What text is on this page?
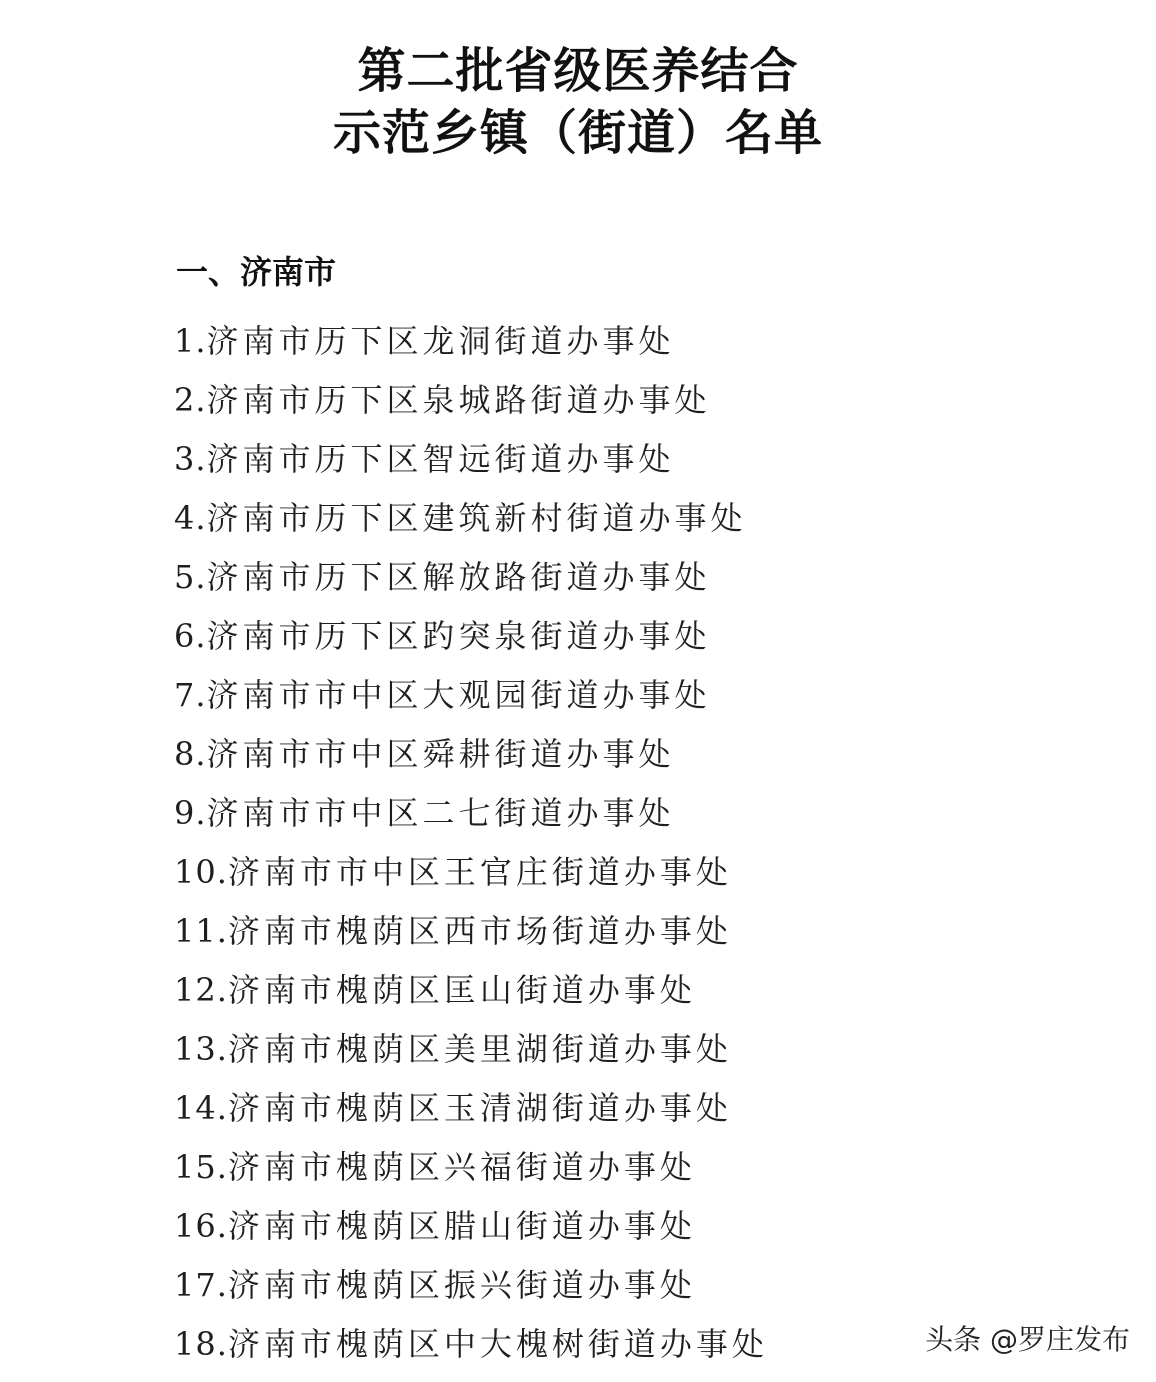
第二批省级医养结合
示范乡镇（街道）名单
一、济南市
1.济南市历下区龙洞街道办事处
2.济南市历下区泉城路街道办事处
3.济南市历下区智远街道办事处
4.济南市历下区建筑新村街道办事处
5.济南市历下区解放路街道办事处
6.济南市历下区趵突泉街道办事处
7.济南市市中区大观园街道办事处
8.济南市市中区舜耕街道办事处
9.济南市市中区二七街道办事处
10.济南市市中区王官庄街道办事处
11.济南市槐荫区西市场街道办事处
12.济南市槐荫区匡山街道办事处
13.济南市槐荫区美里湖街道办事处
14.济南市槐荫区玉清湖街道办事处
15.济南市槐荫区兴福街道办事处
16.济南市槐荫区腊山街道办事处
17.济南市槐荫区振兴街道办事处
18.济南市槐荫区中大槐树街道办事处	头条 @罗庄发布
